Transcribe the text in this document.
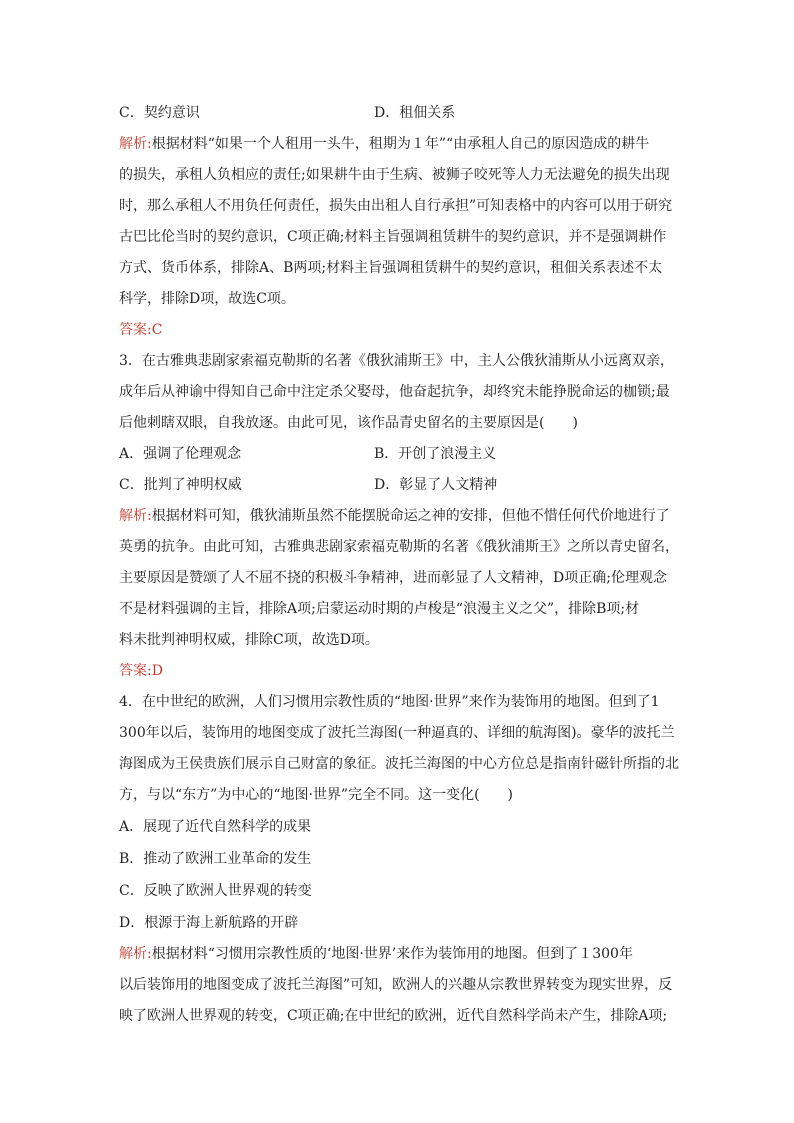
C．契约意识	D．租佃关系
解析:根据材料“如果一个人租用一头牛，租期为１年”“由承租人自己的原因造成的耕牛
的损失，承租人负相应的责任;如果耕牛由于生病、被狮子咬死等人力无法避免的损失出现
时，那么承租人不用负任何责任，损失由出租人自行承担”可知表格中的内容可以用于研究
古巴比伦当时的契约意识，C项正确;材料主旨强调租赁耕牛的契约意识，并不是强调耕作
方式、货币体系，排除A、B两项;材料主旨强调租赁耕牛的契约意识，租佃关系表述不太
科学，排除D项，故选C项。
答案:C
3．在古雅典悲剧家索福克勒斯的名著《俄狄浦斯王》中，主人公俄狄浦斯从小远离双亲，
成年后从神谕中得知自己命中注定杀父娶母，他奋起抗争，却终究未能挣脱命运的枷锁;最
后他刺瞎双眼，自我放逐。由此可见，该作品青史留名的主要原因是(　　)
A．强调了伦理观念	B．开创了浪漫主义
C．批判了神明权威	D．彰显了人文精神
解析:根据材料可知，俄狄浦斯虽然不能摆脱命运之神的安排，但他不惜任何代价地进行了
英勇的抗争。由此可知，古雅典悲剧家索福克勒斯的名著《俄狄浦斯王》之所以青史留名，
主要原因是赞颂了人不屈不挠的积极斗争精神，进而彰显了人文精神，D项正确;伦理观念
不是材料强调的主旨，排除A项;启蒙运动时期的卢梭是“浪漫主义之父”，排除B项;材
料未批判神明权威，排除C项，故选D项。
答案:D
4．在中世纪的欧洲，人们习惯用宗教性质的“地图·世界”来作为装饰用的地图。但到了1
300年以后，装饰用的地图变成了波托兰海图(一种逼真的、详细的航海图)。豪华的波托兰
海图成为王侯贵族们展示自己财富的象征。波托兰海图的中心方位总是指南针磁针所指的北
方，与以“东方”为中心的“地图·世界”完全不同。这一变化(　　)
A．展现了近代自然科学的成果
B．推动了欧洲工业革命的发生
C．反映了欧洲人世界观的转变
D．根源于海上新航路的开辟
解析:根据材料“习惯用宗教性质的‘地图·世界’来作为装饰用的地图。但到了１300年
以后装饰用的地图变成了波托兰海图”可知，欧洲人的兴趣从宗教世界转变为现实世界，反
映了欧洲人世界观的转变，C项正确;在中世纪的欧洲，近代自然科学尚未产生，排除A项;
